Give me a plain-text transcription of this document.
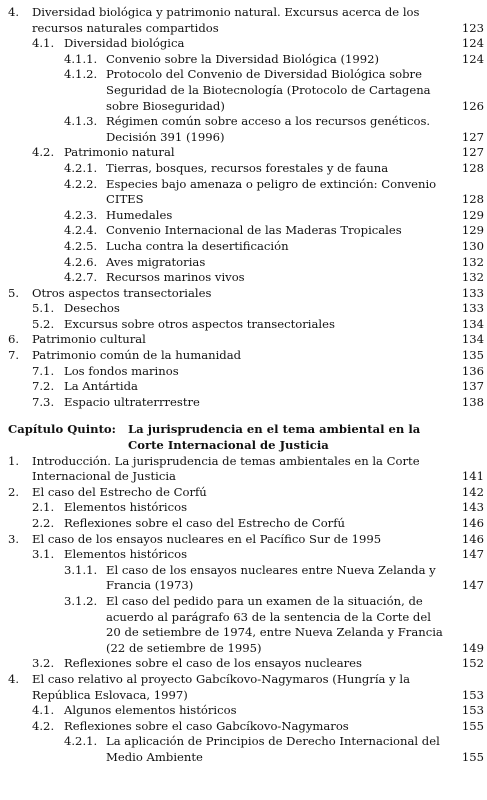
4.	Diversidad biológica y patrimonio natural. Excursus acerca de los recursos naturales compartidos	123
4.1. Diversidad biológica	124
4.1.1. Convenio sobre la Diversidad Biológica (1992)	124
4.1.2. Protocolo del Convenio de Diversidad Biológica sobre Seguridad de la Biotecnología (Protocolo de Cartagena sobre Bioseguridad)	126
4.1.3. Régimen común sobre acceso a los recursos genéticos. Decisión 391 (1996)	127
4.2. Patrimonio natural	127
4.2.1. Tierras, bosques, recursos forestales y de fauna	128
4.2.2. Especies bajo amenaza o peligro de extinción: Convenio CITES	128
4.2.3. Humedales	129
4.2.4. Convenio Internacional de las Maderas Tropicales	129
4.2.5. Lucha contra la desertificación	130
4.2.6. Aves migratorias	132
4.2.7. Recursos marinos vivos	132
5.	Otros aspectos transectoriales	133
5.1. Desechos	133
5.2. Excursus sobre otros aspectos transectoriales	134
6.	Patrimonio cultural	134
7.	Patrimonio común de la humanidad	135
7.1. Los fondos marinos	136
7.2. La Antártida	137
7.3. Espacio ultraterrrestre	138
Capítulo Quinto:	La jurisprudencia en el tema ambiental en la Corte Internacional de Justicia
1.	Introducción. La jurisprudencia de temas ambientales en la Corte Internacional de Justicia	141
2.	El caso del Estrecho de Corfú	142
2.1. Elementos históricos	143
2.2. Reflexiones sobre el caso del Estrecho de Corfú	146
3.	El caso de los ensayos nucleares en el Pacífico Sur de 1995	146
3.1. Elementos históricos	147
3.1.1. El caso de los ensayos nucleares entre Nueva Zelanda y Francia (1973)	147
3.1.2. El caso del pedido para un examen de la situación, de acuerdo al parágrafo 63 de la sentencia de la Corte del 20 de setiembre de 1974, entre Nueva Zelanda y Francia (22 de setiembre de 1995)	149
3.2. Reflexiones sobre el caso de los ensayos nucleares	152
4.	El caso relativo al proyecto Gabcíkovo-Nagymaros (Hungría y la República Eslovaca, 1997)	153
4.1. Algunos elementos históricos	153
4.2. Reflexiones sobre el caso Gabcíkovo-Nagymaros	155
4.2.1. La aplicación de Principios de Derecho Internacional del Medio Ambiente	155
